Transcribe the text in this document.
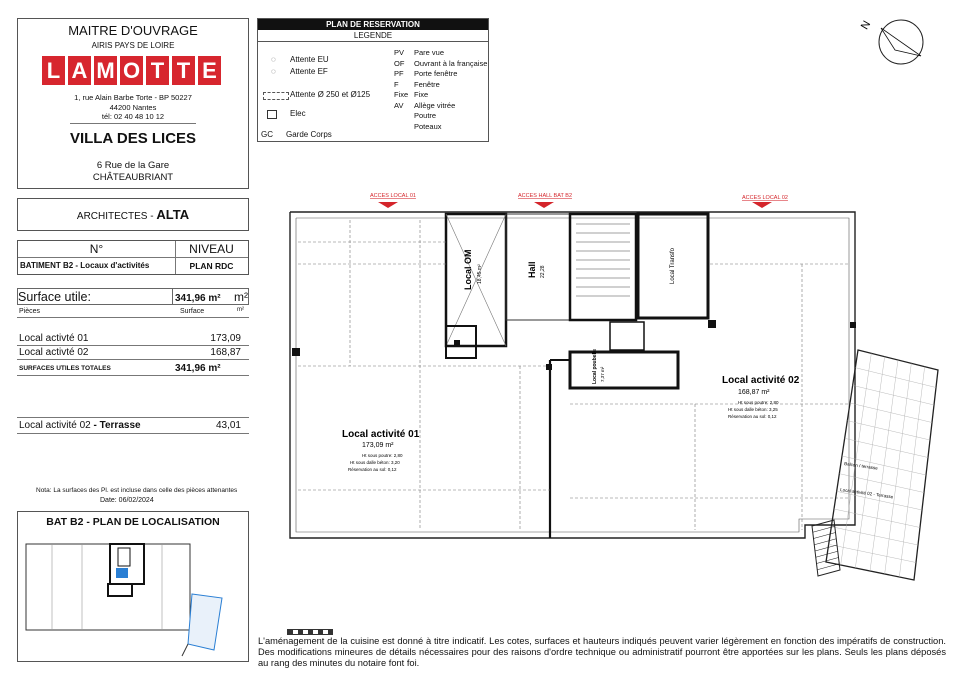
MAITRE D'OUVRAGE
AIRIS PAYS DE LOIRE
L A M O T T E
1, rue Alain Barbe Torte - BP 50227
44200 Nantes
tél: 02 40 48 10 12
VILLA DES LICES
6 Rue de la Gare
CHÂTEAUBRIANT
ARCHITECTES - ALTA
N°	NIVEAU
BATIMENT B2 - Locaux d'activités	PLAN RDC
Surface utile:	341,96 m² m²
Pièces	Surface	m²
Local activté 01	173,09
Local activté 02	168,87
SURFACES UTILES TOTALES	341,96 m²
Local activité 02 - Terrasse	43,01
Nota: La surfaces des Pl. est incluse dans celle des pièces attenantes
Date: 06/02/2024
BAT B2 - PLAN DE LOCALISATION
PLAN DE RESERVATION
LEGENDE
◌ Attente EU
◌ Attente EF
Attente Ø 250 et Ø125
Elec
GC Garde Corps
PV Pare vue
OF Ouvrant à la française
PF Porte fenêtre
F Fenêtre
Fixe Fixe
AV Allège vitrée
Poutre
Poteaux
N
ACCES LOCAL 01	ACCES HALL BAT B2	ACCES LOCAL 02
Local OM 18,45 m²	Hall 22,28	Local Transfo
Local poubelle 7,37 m²
Local activité 01
173,09 m²
Ht sous poutre: 2,80
Ht sous dalle béton: 3,20
Réservation au sol: 0,12
Local activité 02
168,87 m²
Ht sous poutre: 2,80
Ht sous dalle béton: 3,25
Réservation au sol: 0,12
Balcon / terrasse
Local activité 02 - Terrasse
L'aménagement de la cuisine est donné à titre indicatif. Les cotes, surfaces et hauteurs indiqués peuvent varier légèrement en fonction des impératifs de construction. Des modifications mineures de détails nécessaires pour des raisons d'ordre technique ou administratif pourront être apportées sur les plans. Seuls les plans déposés au rang des minutes du notaire font foi.
